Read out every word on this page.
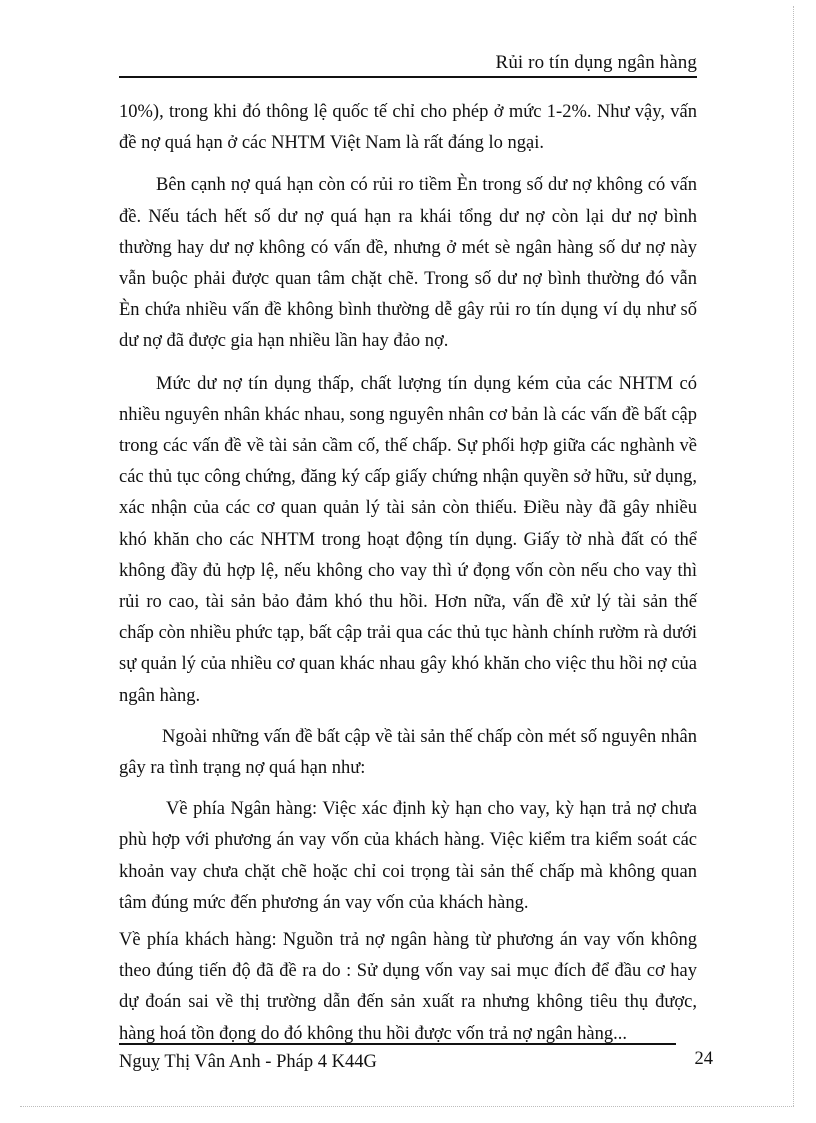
Rủi ro tín dụng ngân hàng

10%), trong khi đó thông lệ quốc tế chỉ cho phép ở mức 1-2%. Như vậy, vấn đề nợ quá hạn ở các NHTM Việt Nam là rất đáng lo ngại.

Bên cạnh nợ quá hạn còn có rủi ro tiềm Èn trong số dư nợ không có vấn đề. Nếu tách hết số dư nợ quá hạn ra khái tổng dư nợ còn lại dư nợ bình thường hay dư nợ không có vấn đề, nhưng ở mét sè ngân hàng số dư nợ này vẫn buộc phải được quan tâm chặt chẽ. Trong số dư nợ bình thường đó vẫn Èn chứa nhiều vấn đề không bình thường dễ gây rủi ro tín dụng ví dụ như số dư nợ đã được gia hạn nhiều lần hay đảo nợ.

Mức dư nợ tín dụng thấp, chất lượng tín dụng kém của các NHTM có nhiều nguyên nhân khác nhau, song nguyên nhân cơ bản là các vấn đề bất cập trong các vấn đề về tài sản cầm cố, thế chấp. Sự phối hợp giữa các nghành về các thủ tục công chứng, đăng ký cấp giấy chứng nhận quyền sở hữu, sử dụng, xác nhận của các cơ quan quản lý tài sản còn thiếu. Điều này đã gây nhiều khó khăn cho các NHTM trong hoạt động tín dụng. Giấy tờ nhà đất có thể không đầy đủ hợp lệ, nếu không cho vay thì ứ đọng vốn còn nếu cho vay thì rủi ro cao, tài sản bảo đảm khó thu hồi. Hơn nữa, vấn đề xử lý tài sản thế chấp còn nhiều phức tạp, bất cập trải qua các thủ tục hành chính rườm rà dưới sự quản lý của nhiều cơ quan khác nhau gây khó khăn cho việc thu hồi nợ của ngân hàng.

Ngoài những vấn đề bất cập về tài sản thế chấp còn mét số nguyên nhân gây ra tình trạng nợ quá hạn như:

Về phía Ngân hàng: Việc xác định kỳ hạn cho vay, kỳ hạn trả nợ chưa phù hợp với phương án vay vốn của khách hàng. Việc kiểm tra kiểm soát các khoản vay chưa chặt chẽ hoặc chỉ coi trọng tài sản thế chấp mà không quan tâm đúng mức đến phương án vay vốn của khách hàng.

Về phía khách hàng: Nguồn trả nợ ngân hàng từ phương án vay vốn không theo đúng tiến độ đã đề ra do : Sử dụng vốn vay sai mục đích để đầu cơ hay dự đoán sai về thị trường dẫn đến sản xuất ra nhưng không tiêu thụ được, hàng hoá tồn đọng do đó không thu hồi được vốn trả nợ ngân hàng...

Nguỵ Thị Vân Anh - Pháp 4 K44G	24
